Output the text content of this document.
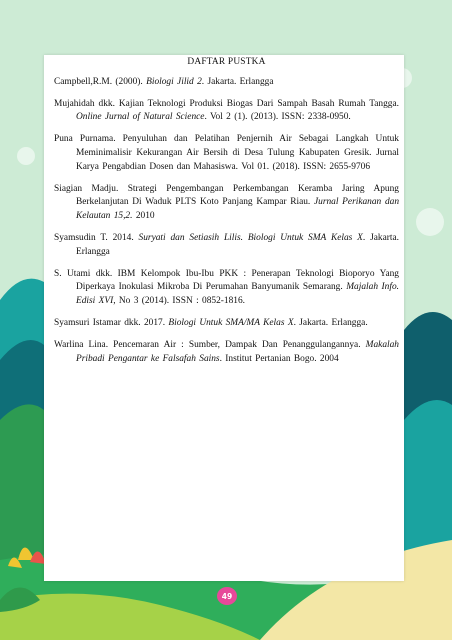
DAFTAR PUSTKA
Campbell,R.M. (2000). Biologi Jilid 2. Jakarta. Erlangga
Mujahidah dkk. Kajian Teknologi Produksi Biogas Dari Sampah Basah Rumah Tangga. Online Jurnal of Natural Science. Vol 2 (1). (2013). ISSN: 2338-0950.
Puna Purnama. Penyuluhan dan Pelatihan Penjernih Air Sebagai Langkah Untuk Meminimalisir Kekurangan Air Bersih di Desa Tulung Kabupaten Gresik. Jurnal Karya Pengabdian Dosen dan Mahasiswa. Vol 01. (2018). ISSN: 2655-9706
Siagian Madju. Strategi Pengembangan Perkembangan Keramba Jaring Apung Berkelanjutan Di Waduk PLTS Koto Panjang Kampar Riau. Jurnal Perikanan dan Kelautan 15,2. 2010
Syamsudin T. 2014. Suryati dan Setiasih Lilis. Biologi Untuk SMA Kelas X. Jakarta. Erlangga
S. Utami dkk. IBM Kelompok Ibu-Ibu PKK : Penerapan Teknologi Bioporуo Yang Diperkaya Inokulasi Mikroba Di Perumahan Banyumanik Semarang. Majalah Info. Edisi XVI, No 3 (2014). ISSN : 0852-1816.
Syamsuri Istamar dkk. 2017. Biologi Untuk SMA/MA Kelas X. Jakarta. Erlangga.
Warlina Lina. Pencemaran Air : Sumber, Dampak Dan Penanggulangannya. Makalah Pribadi Pengantar ke Falsafah Sains. Institut Pertanian Bogo. 2004
49
